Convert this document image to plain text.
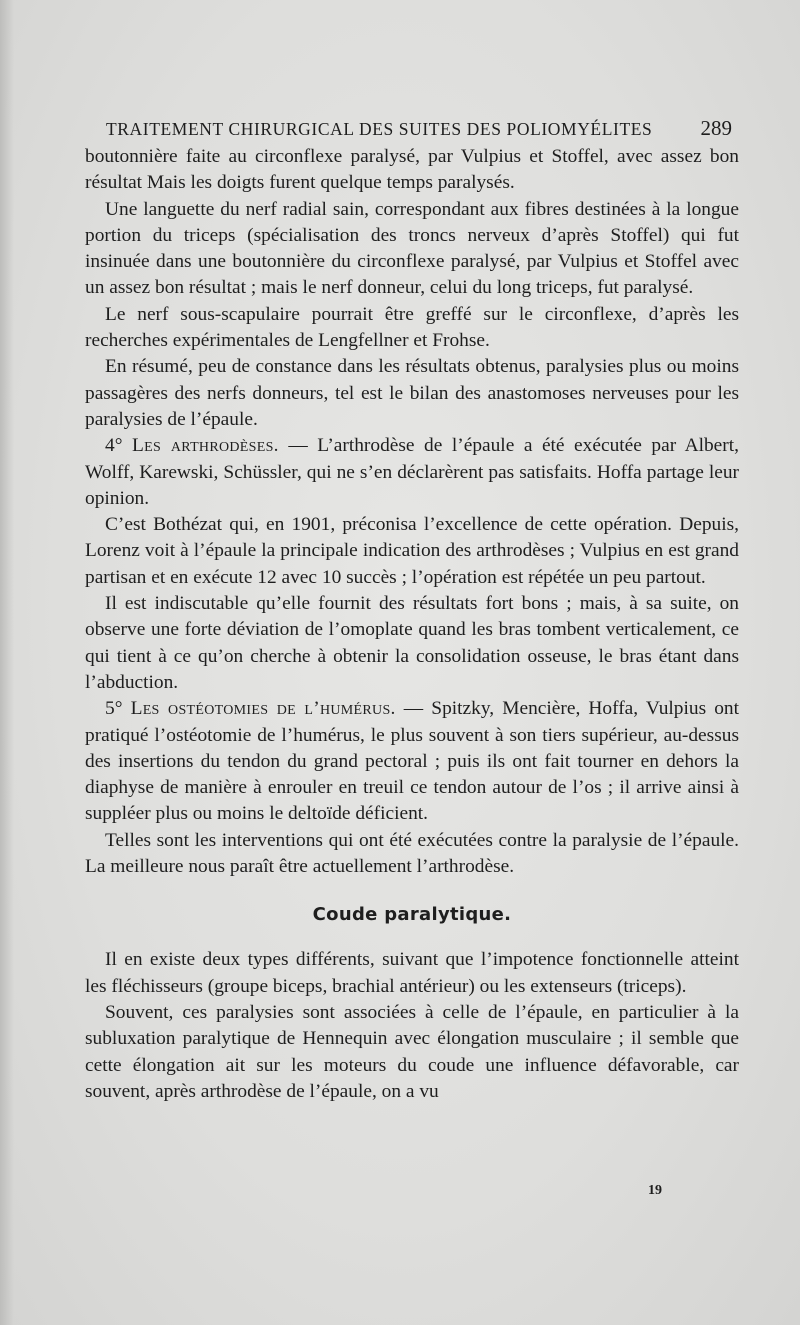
TRAITEMENT CHIRURGICAL DES SUITES DES POLIOMYÉLITES 289

boutonnière faite au circonflexe paralysé, par Vulpius et Stoffel, avec assez bon résultat Mais les doigts furent quelque temps paralysés.

Une languette du nerf radial sain, correspondant aux fibres destinées à la longue portion du triceps (spécialisation des troncs nerveux d’après Stoffel) qui fut insinuée dans une boutonnière du circonflexe paralysé, par Vulpius et Stoffel avec un assez bon résultat ; mais le nerf donneur, celui du long triceps, fut paralysé.

Le nerf sous-scapulaire pourrait être greffé sur le circonflexe, d’après les recherches expérimentales de Lengfellner et Frohse.

En résumé, peu de constance dans les résultats obtenus, paralysies plus ou moins passagères des nerfs donneurs, tel est le bilan des anastomoses nerveuses pour les paralysies de l’épaule.

4° Les arthrodèses. — L’arthrodèse de l’épaule a été exécutée par Albert, Wolff, Karewski, Schüssler, qui ne s’en déclarèrent pas satisfaits. Hoffa partage leur opinion.

C’est Bothézat qui, en 1901, préconisa l’excellence de cette opération. Depuis, Lorenz voit à l’épaule la principale indication des arthrodèses ; Vulpius en est grand partisan et en exécute 12 avec 10 succès ; l’opération est répétée un peu partout.

Il est indiscutable qu’elle fournit des résultats fort bons ; mais, à sa suite, on observe une forte déviation de l’omoplate quand les bras tombent verticalement, ce qui tient à ce qu’on cherche à obtenir la consolidation osseuse, le bras étant dans l’abduction.

5° Les ostéotomies de l’humérus. — Spitzky, Mencière, Hoffa, Vulpius ont pratiqué l’ostéotomie de l’humérus, le plus souvent à son tiers supérieur, au-dessus des insertions du tendon du grand pectoral ; puis ils ont fait tourner en dehors la diaphyse de manière à enrouler en treuil ce tendon autour de l’os ; il arrive ainsi à suppléer plus ou moins le deltoïde déficient.

Telles sont les interventions qui ont été exécutées contre la paralysie de l’épaule. La meilleure nous paraît être actuellement l’arthrodèse.

Coude paralytique.

Il en existe deux types différents, suivant que l’impotence fonctionnelle atteint les fléchisseurs (groupe biceps, brachial antérieur) ou les extenseurs (triceps).

Souvent, ces paralysies sont associées à celle de l’épaule, en particulier à la subluxation paralytique de Hennequin avec élongation musculaire ; il semble que cette élongation ait sur les moteurs du coude une influence défavorable, car souvent, après arthrodèse de l’épaule, on a vu

19
